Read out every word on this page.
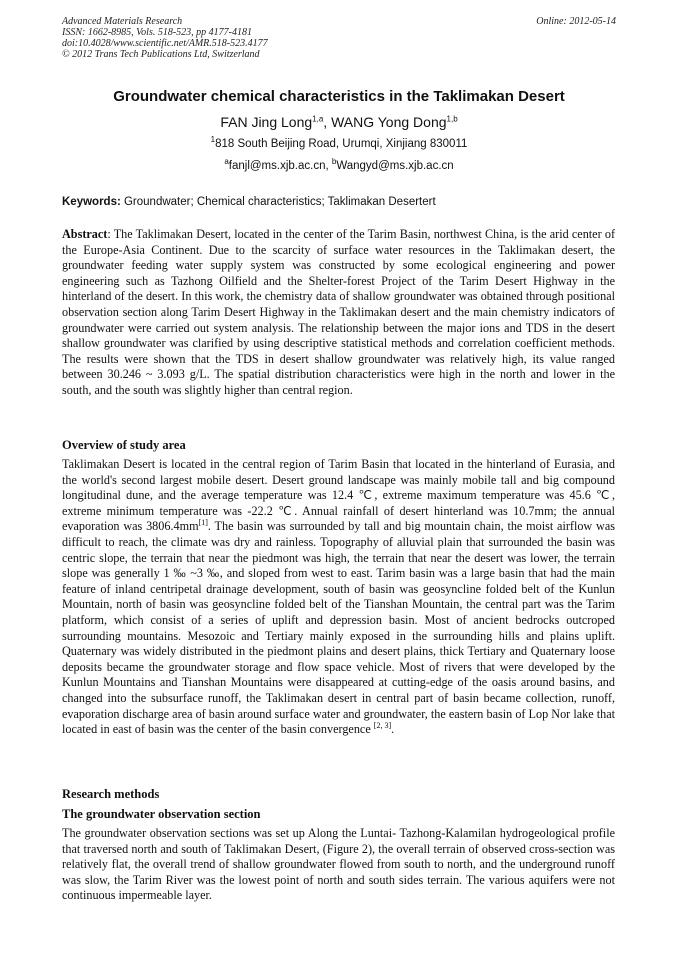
Advanced Materials Research
ISSN: 1662-8985, Vols. 518-523, pp 4177-4181
doi:10.4028/www.scientific.net/AMR.518-523.4177
© 2012 Trans Tech Publications Ltd, Switzerland
Online: 2012-05-14
Groundwater chemical characteristics in the Taklimakan Desert
FAN Jing Long$^{1,a}$, WANG Yong Dong$^{1,b}$
$^1$818 South Beijing Road, Urumqi, Xinjiang 830011
$^a$fanjl@ms.xjb.ac.cn, $^b$Wangyd@ms.xjb.ac.cn
Keywords: Groundwater; Chemical characteristics; Taklimakan Desertert
Abstract: The Taklimakan Desert, located in the center of the Tarim Basin, northwest China, is the arid center of the Europe-Asia Continent. Due to the scarcity of surface water resources in the Taklimakan desert, the groundwater feeding water supply system was constructed by some ecological engineering and power engineering such as Tazhong Oilfield and the Shelter-forest Project of the Tarim Desert Highway in the hinterland of the desert. In this work, the chemistry data of shallow groundwater was obtained through positional observation section along Tarim Desert Highway in the Taklimakan desert and the main chemistry indicators of groundwater were carried out system analysis. The relationship between the major ions and TDS in the desert shallow groundwater was clarified by using descriptive statistical methods and correlation coefficient methods. The results were shown that the TDS in desert shallow groundwater was relatively high, its value ranged between 30.246 ~ 3.093 g/L. The spatial distribution characteristics were high in the north and lower in the south, and the south was slightly higher than central region.
Overview of study area
Taklimakan Desert is located in the central region of Tarim Basin that located in the hinterland of Eurasia, and the world's second largest mobile desert. Desert ground landscape was mainly mobile tall and big compound longitudinal dune, and the average temperature was 12.4 ℃, extreme maximum temperature was 45.6 ℃, extreme minimum temperature was -22.2 ℃. Annual rainfall of desert hinterland was 10.7mm; the annual evaporation was 3806.4mm[1]. The basin was surrounded by tall and big mountain chain, the moist airflow was difficult to reach, the climate was dry and rainless. Topography of alluvial plain that surrounded the basin was centric slope, the terrain that near the piedmont was high, the terrain that near the desert was lower, the terrain slope was generally 1 ‰ ~3 ‰, and sloped from west to east. Tarim basin was a large basin that had the main feature of inland centripetal drainage development, south of basin was geosyncline folded belt of the Kunlun Mountain, north of basin was geosyncline folded belt of the Tianshan Mountain, the central part was the Tarim platform, which consist of a series of uplift and depression basin. Most of ancient bedrocks outcroped surrounding mountains. Mesozoic and Tertiary mainly exposed in the surrounding hills and plains uplift. Quaternary was widely distributed in the piedmont plains and desert plains, thick Tertiary and Quaternary loose deposits became the groundwater storage and flow space vehicle. Most of rivers that were developed by the Kunlun Mountains and Tianshan Mountains were disappeared at cutting-edge of the oasis around basins, and changed into the subsurface runoff, the Taklimakan desert in central part of basin became collection, runoff, evaporation discharge area of basin around surface water and groundwater, the eastern basin of Lop Nor lake that located in east of basin was the center of the basin convergence [2, 3].
Research methods
The groundwater observation section
The groundwater observation sections was set up Along the Luntai- Tazhong-Kalamilan hydrogeological profile that traversed north and south of Taklimakan Desert, (Figure 2), the overall terrain of observed cross-section was relatively flat, the overall trend of shallow groundwater flowed from south to north, and the underground runoff was slow, the Tarim River was the lowest point of north and south sides terrain. The various aquifers were not continuous impermeable layer.
